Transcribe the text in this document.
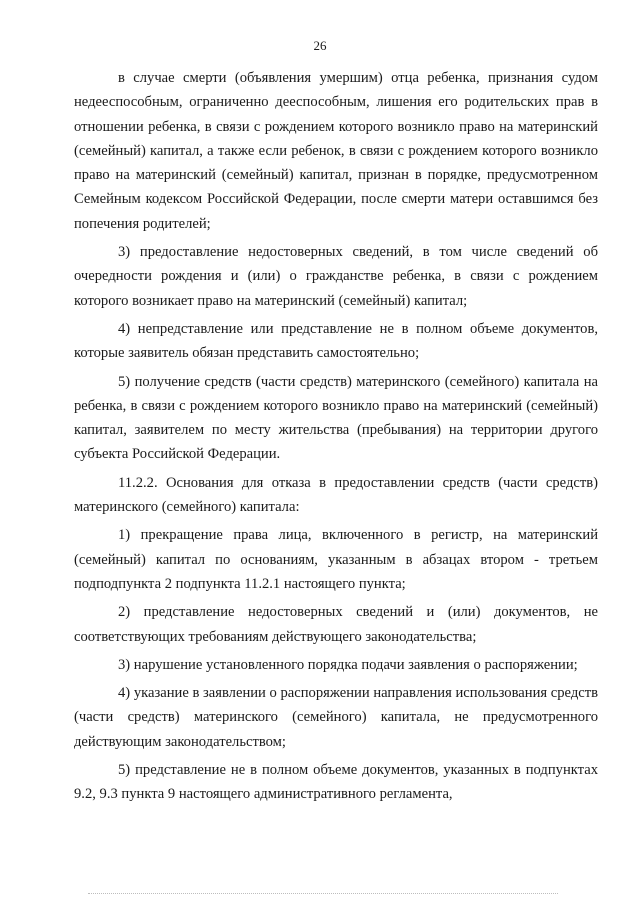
26

в случае смерти (объявления умершим) отца ребенка, признания судом недееспособным, ограниченно дееспособным, лишения его родительских прав в отношении ребенка, в связи с рождением которого возникло право на материнский (семейный) капитал, а также если ребенок, в связи с рождением которого возникло право на материнский (семейный) капитал, признан в порядке, предусмотренном Семейным кодексом Российской Федерации, после смерти матери оставшимся без попечения родителей;

3) предоставление недостоверных сведений, в том числе сведений об очередности рождения и (или) о гражданстве ребенка, в связи с рождением которого возникает право на материнский (семейный) капитал;

4) непредставление или представление не в полном объеме документов, которые заявитель обязан представить самостоятельно;

5) получение средств (части средств) материнского (семейного) капитала на ребенка, в связи с рождением которого возникло право на материнский (семейный) капитал, заявителем по месту жительства (пребывания) на территории другого субъекта Российской Федерации.

11.2.2. Основания для отказа в предоставлении средств (части средств) материнского (семейного) капитала:

1) прекращение права лица, включенного в регистр, на материнский (семейный) капитал по основаниям, указанным в абзацах втором - третьем подподпункта 2 подпункта 11.2.1 настоящего пункта;

2) представление недостоверных сведений и (или) документов, не соответствующих требованиям действующего законодательства;

3) нарушение установленного порядка подачи заявления о распоряжении;

4) указание в заявлении о распоряжении направления использования средств (части средств) материнского (семейного) капитала, не предусмотренного действующим законодательством;

5) представление не в полном объеме документов, указанных в подпунктах 9.2, 9.3 пункта 9 настоящего административного регламента,
